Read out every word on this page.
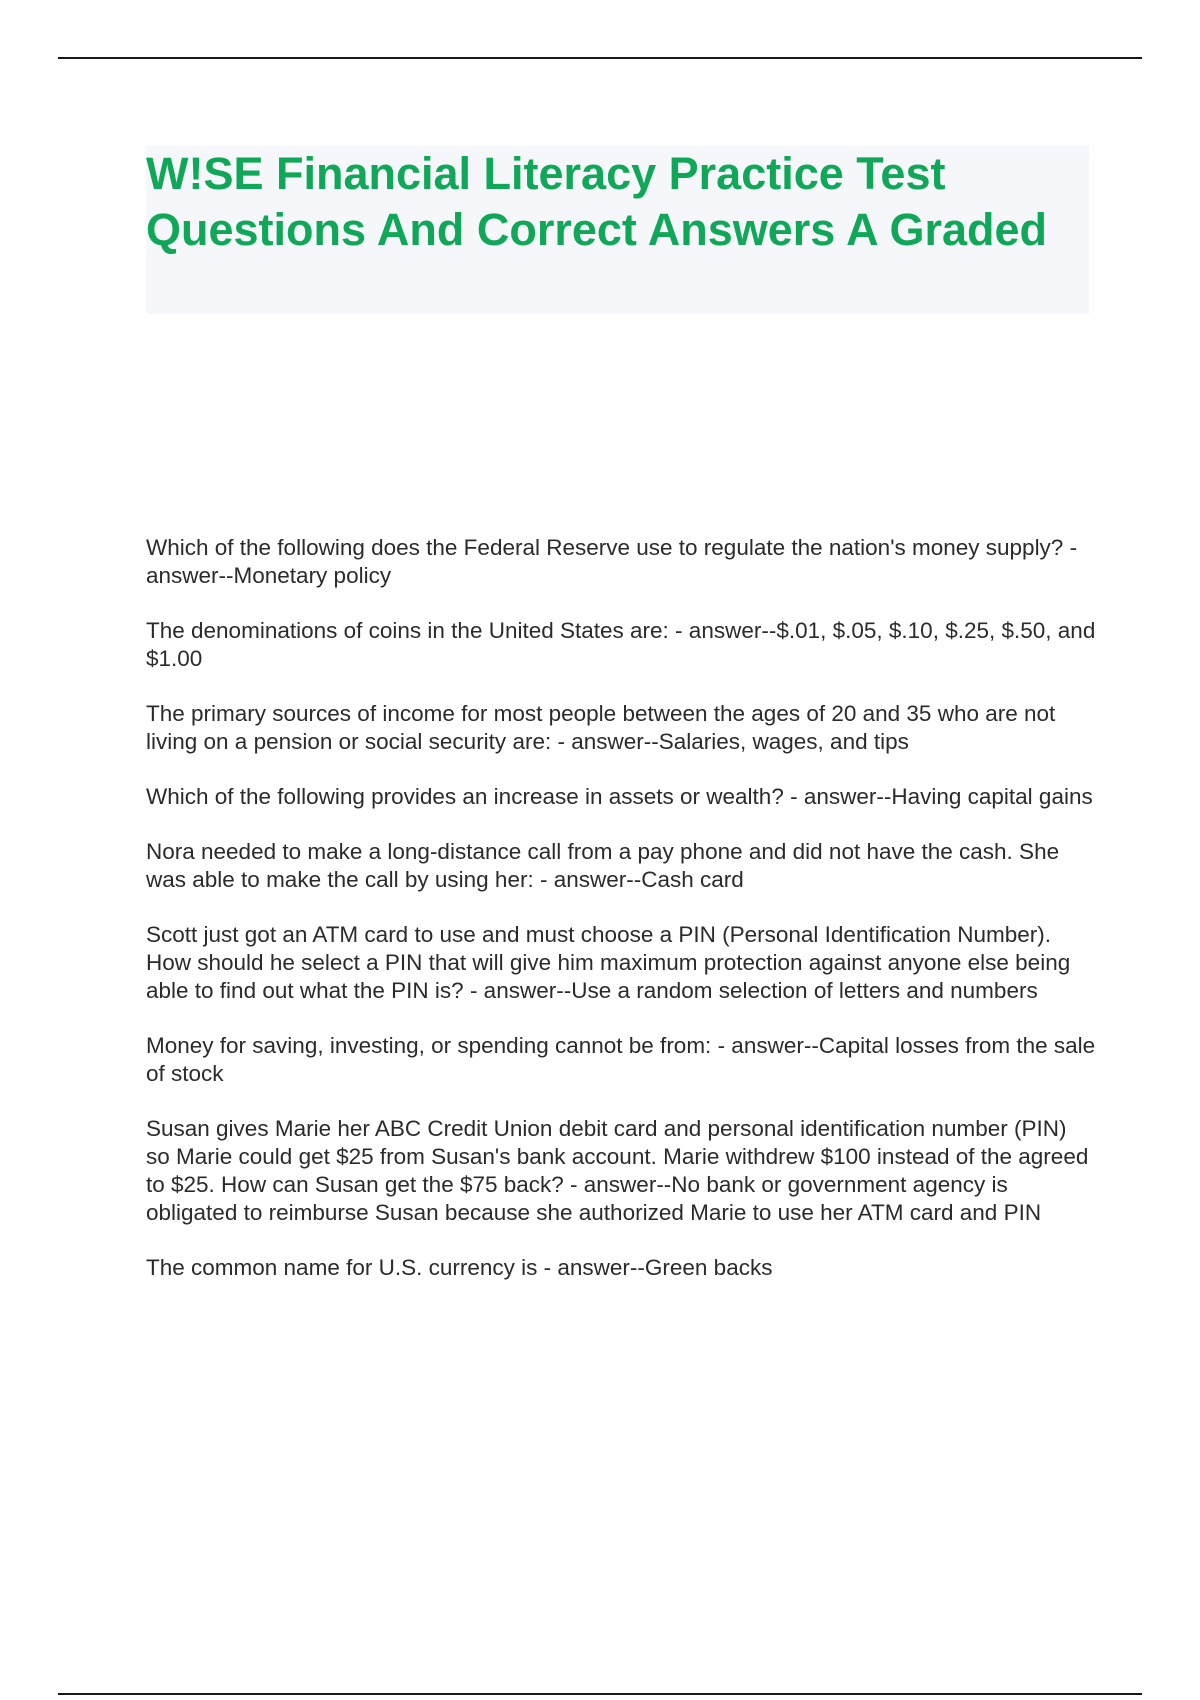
W!SE Financial Literacy Practice Test Questions And Correct Answers A Graded

Which of the following does the Federal Reserve use to regulate the nation's money supply? - answer--Monetary policy

The denominations of coins in the United States are: - answer--$.01, $.05, $.10, $.25, $.50, and $1.00

The primary sources of income for most people between the ages of 20 and 35 who are not living on a pension or social security are: - answer--Salaries, wages, and tips

Which of the following provides an increase in assets or wealth? - answer--Having capital gains

Nora needed to make a long-distance call from a pay phone and did not have the cash. She was able to make the call by using her: - answer--Cash card

Scott just got an ATM card to use and must choose a PIN (Personal Identification Number). How should he select a PIN that will give him maximum protection against anyone else being able to find out what the PIN is? - answer--Use a random selection of letters and numbers

Money for saving, investing, or spending cannot be from: - answer--Capital losses from the sale of stock

Susan gives Marie her ABC Credit Union debit card and personal identification number (PIN) so Marie could get $25 from Susan's bank account. Marie withdrew $100 instead of the agreed to $25. How can Susan get the $75 back? - answer--No bank or government agency is obligated to reimburse Susan because she authorized Marie to use her ATM card and PIN

The common name for U.S. currency is - answer--Green backs
